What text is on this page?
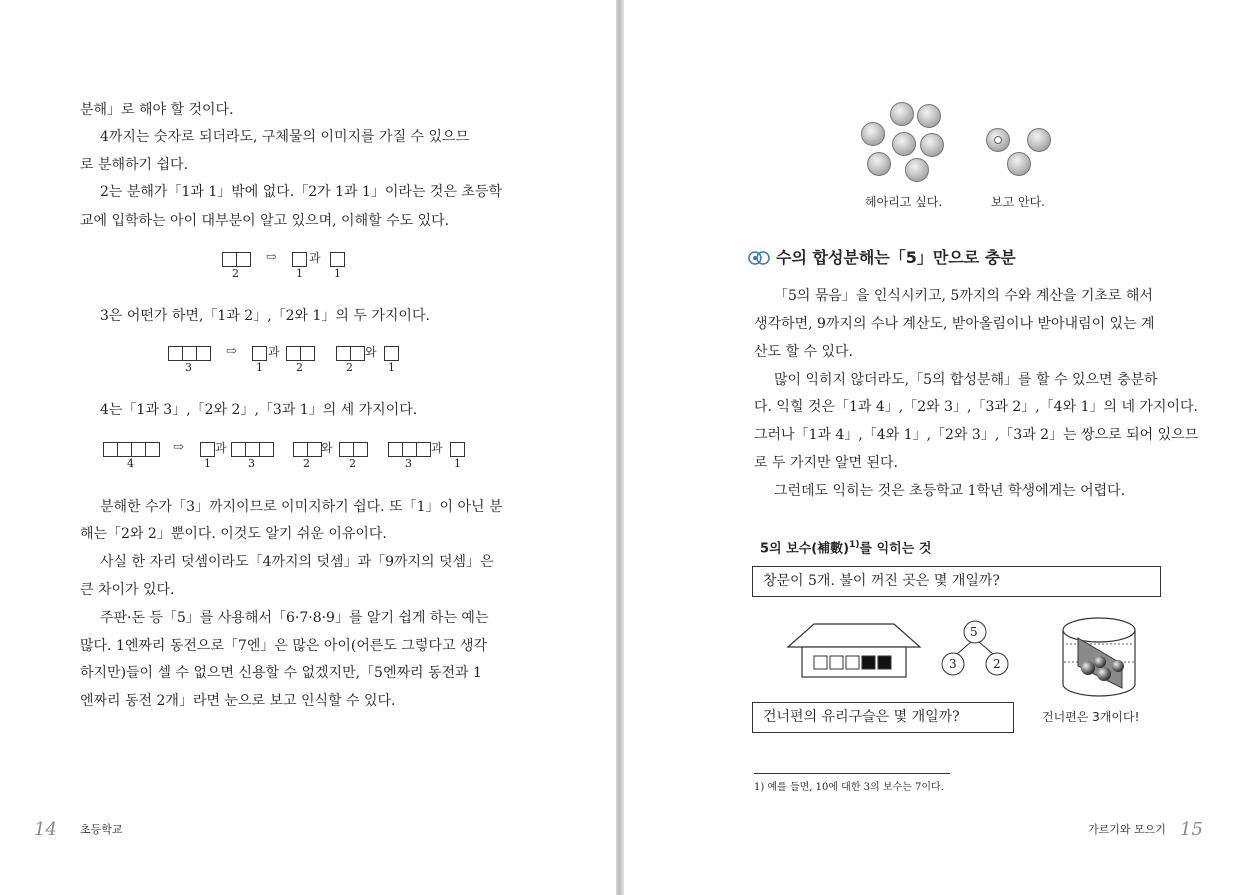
분해」로 해야 할 것이다.

4까지는 숫자로 되더라도, 구체물의 이미지를 가질 수 있으므

로 분해하기 쉽다.

2는 분해가「1과 1」밖에 없다.「2가 1과 1」이라는 것은 초등학

교에 입학하는 아이 대부분이 알고 있으며, 이해할 수도 있다.

2
⇨
1
과
1

3은 어떤가 하면,「1과 2」,「2와 1」의 두 가지이다.

3
⇨
1
과
2	2
와
1

4는「1과 3」,「2와 2」,「3과 1」의 세 가지이다.

4
⇨
1
과
3	2
와
2	3
과
1

분해한 수가「3」까지이므로 이미지하기 쉽다. 또「1」이 아닌 분

해는「2와 2」뿐이다. 이것도 알기 쉬운 이유이다.

사실 한 자리 덧셈이라도「4까지의 덧셈」과「9까지의 덧셈」은

큰 차이가 있다.

주판·돈 등「5」를 사용해서「6·7·8·9」를 알기 쉽게 하는 예는

많다. 1엔짜리 동전으로「7엔」은 많은 아이(어른도 그렇다고 생각

하지만)들이 셀 수 없으면 신용할 수 없겠지만,「5엔짜리 동전과 1

엔짜리 동전 2개」라면 눈으로 보고 인식할 수 있다.

14 초등학교
헤아리고 싶다.	보고 안다.
수의 합성분해는「5」만으로 충분

「5의 묶음」을 인식시키고, 5까지의 수와 계산을 기초로 해서

생각하면, 9까지의 수나 계산도, 받아올림이나 받아내림이 있는 계

산도 할 수 있다.

많이 익히지 않더라도,「5의 합성분해」를 할 수 있으면 충분하

다. 익힐 것은「1과 4」,「2와 3」,「3과 2」,「4와 1」의 네 가지이다.

그러나「1과 4」,「4와 1」,「2와 3」,「3과 2」는 쌍으로 되어 있으므

로 두 가지만 알면 된다.

그런데도 익히는 것은 초등학교 1학년 학생에게는 어렵다.

5의 보수(補數)$^{1)}$를 익히는 것
창문이 5개. 불이 꺼진 곳은 몇 개일까?
5
3	2
건너편의 유리구슬은 몇 개일까?	건너편은 3개이다!
1) 예를 들면, 10에 대한 3의 보수는 7이다.
가르기와 모으기 15
